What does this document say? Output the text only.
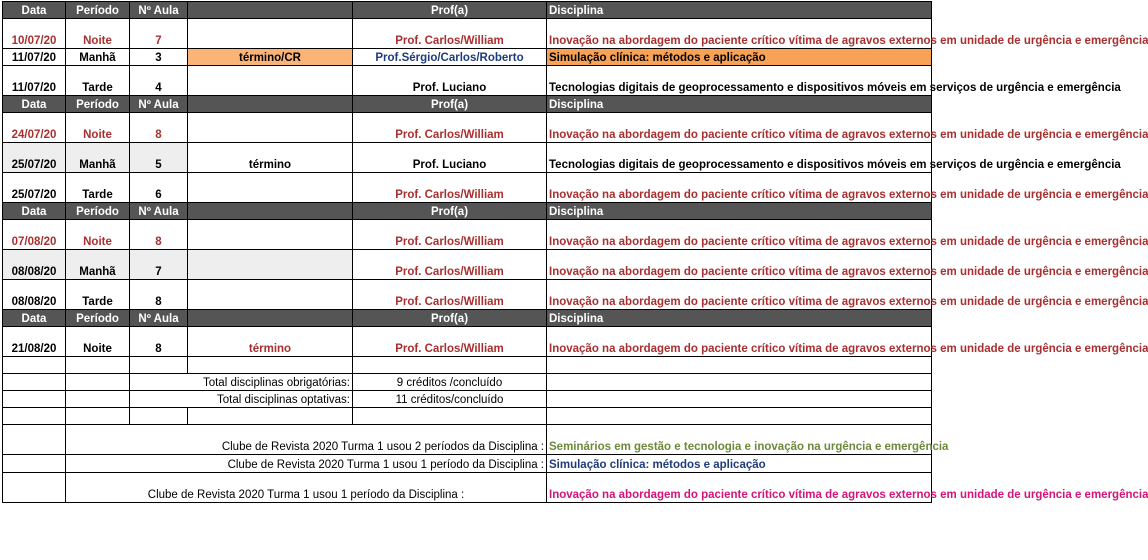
Data	Período	Nº Aula		Prof(a)	Disciplina
10/07/20	Noite	7		Prof. Carlos/William	Inovação na abordagem do paciente crítico vítima de agravos externos em unidade de urgência e emergência
11/07/20	Manhã	3	término/CR	Prof.Sérgio/Carlos/Roberto	Simulação clínica: métodos e aplicação
11/07/20	Tarde	4		Prof. Luciano	Tecnologias digitais de geoprocessamento e dispositivos móveis em serviços de urgência e emergência
Data	Período	Nº Aula		Prof(a)	Disciplina
24/07/20	Noite	8		Prof. Carlos/William	Inovação na abordagem do paciente crítico vítima de agravos externos em unidade de urgência e emergência
25/07/20	Manhã	5	término	Prof. Luciano	Tecnologias digitais de geoprocessamento e dispositivos móveis em serviços de urgência e emergência
25/07/20	Tarde	6		Prof. Carlos/William	Inovação na abordagem do paciente crítico vítima de agravos externos em unidade de urgência e emergência
Data	Período	Nº Aula		Prof(a)	Disciplina
07/08/20	Noite	8		Prof. Carlos/William	Inovação na abordagem do paciente crítico vítima de agravos externos em unidade de urgência e emergência
08/08/20	Manhã	7		Prof. Carlos/William	Inovação na abordagem do paciente crítico vítima de agravos externos em unidade de urgência e emergência
08/08/20	Tarde	8		Prof. Carlos/William	Inovação na abordagem do paciente crítico vítima de agravos externos em unidade de urgência e emergência
Data	Período	Nº Aula		Prof(a)	Disciplina
21/08/20	Noite	8	término	Prof. Carlos/William	Inovação na abordagem do paciente crítico vítima de agravos externos em unidade de urgência e emergência

		Total disciplinas obrigatórias:		9 créditos /concluído	
		Total disciplinas optativas:		11 créditos/concluído	

	Clube de Revista 2020 Turma 1 usou 2 períodos da Disciplina :				Seminários em gestão e tecnologia e inovação na urgência e emergência
	Clube de Revista 2020 Turma 1 usou 1 período da Disciplina :				Simulação clínica: métodos e aplicação
	Clube de Revista 2020 Turma 1 usou 1 período da Disciplina :				Inovação na abordagem do paciente crítico vítima de agravos externos em unidade de urgência e emergência
